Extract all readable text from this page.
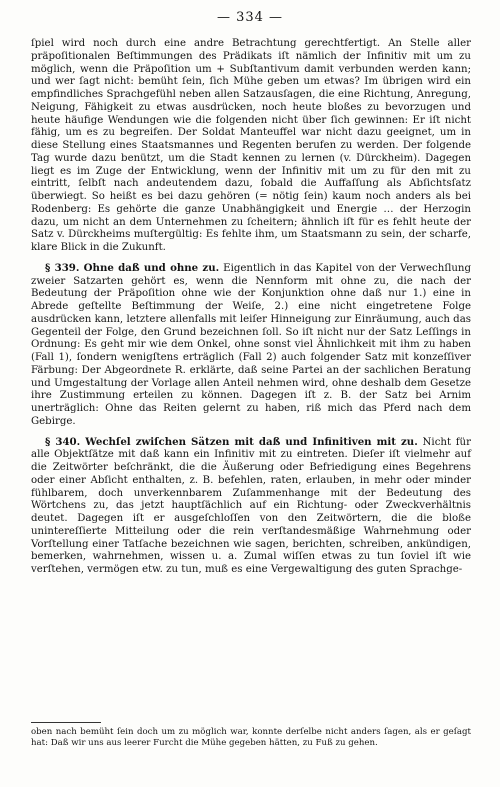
— 334 —

ſpiel wird noch durch eine andre Betrachtung gerechtfertigt. An Stelle aller präpoſitionalen Beſtimmungen des Prädikats iſt nämlich der Infinitiv mit um zu möglich, wenn die Präpoſition um + Subſtantivum damit verbunden werden kann; und wer ſagt nicht: bemüht ſein, ſich Mühe geben um etwas? Im übrigen wird ein empfindliches Sprachgefühl neben allen Satzausſagen, die eine Richtung, Anregung, Neigung, Fähigkeit zu etwas ausdrücken, noch heute bloßes zu bevorzugen und heute häufige Wendungen wie die folgenden nicht über ſich gewinnen: Er iſt nicht fähig, um es zu begreifen. Der Soldat Manteuffel war nicht dazu geeignet, um in diese Stellung eines Staatsmannes und Regenten berufen zu werden. Der folgende Tag wurde dazu benützt, um die Stadt kennen zu lernen (v. Dürckheim). Dagegen liegt es im Zuge der Entwicklung, wenn der Infinitiv mit um zu für den mit zu eintritt, ſelbſt nach andeutendem dazu, ſobald die Auffaſſung als Abſichtsſatz überwiegt. So heißt es bei dazu gehören (= nötig ſein) kaum noch anders als bei Rodenberg: Es gehörte die ganze Unabhängigkeit und Energie … der Herzogin dazu, um nicht an dem Unternehmen zu ſcheitern; ähnlich iſt für es fehlt heute der Satz v. Dürckheims muſtergültig: Es fehlte ihm, um Staatsmann zu sein, der scharfe, klare Blick in die Zukunft.

§ 339. Ohne daß und ohne zu. Eigentlich in das Kapitel von der Verwechſlung zweier Satzarten gehört es, wenn die Nennform mit ohne zu, die nach der Bedeutung der Präpoſition ohne wie der Konjunktion ohne daß nur 1.) eine in Abrede geſtellte Beſtimmung der Weiſe, 2.) eine nicht eingetretene Folge ausdrücken kann, letztere allenfalls mit leiſer Hinneigung zur Einräumung, auch das Gegenteil der Folge, den Grund bezeichnen ſoll. So iſt nicht nur der Satz Leſſings in Ordnung: Es geht mir wie dem Onkel, ohne sonst viel Ähnlichkeit mit ihm zu haben (Fall 1), ſondern wenigſtens erträglich (Fall 2) auch folgender Satz mit konzeſſiver Färbung: Der Abgeordnete R. erklärte, daß seine Partei an der sachlichen Beratung und Umgestaltung der Vorlage allen Anteil nehmen wird, ohne deshalb dem Gesetze ihre Zustimmung erteilen zu können. Dagegen iſt z. B. der Satz bei Arnim unerträglich: Ohne das Reiten gelernt zu haben, riß mich das Pferd nach dem Gebirge.

§ 340. Wechſel zwiſchen Sätzen mit daß und Infinitiven mit zu. Nicht für alle Objektſätze mit daß kann ein Infinitiv mit zu eintreten. Dieſer iſt vielmehr auf die Zeitwörter beſchränkt, die die Äußerung oder Befriedigung eines Begehrens oder einer Abſicht enthalten, z. B. befehlen, raten, erlauben, in mehr oder minder fühlbarem, doch unverkennbarem Zuſammenhange mit der Bedeutung des Wörtchens zu, das jetzt hauptſächlich auf ein Richtung- oder Zweckverhältnis deutet. Dagegen iſt er ausgeſchloſſen von den Zeitwörtern, die die bloße unintereſſierte Mitteilung oder die rein verſtandesmäßige Wahrnehmung oder Vorſtellung einer Tatſache bezeichnen wie sagen, berichten, schreiben, ankündigen, bemerken, wahrnehmen, wissen u. a. Zumal wiſſen etwas zu tun ſoviel iſt wie verſtehen, vermögen etw. zu tun, muß es eine Vergewaltigung des guten Sprachge-

oben nach bemüht ſein doch um zu möglich war, konnte derſelbe nicht anders ſagen, als er geſagt hat: Daß wir uns aus leerer Furcht die Mühe gegeben hätten, zu Fuß zu gehen.
